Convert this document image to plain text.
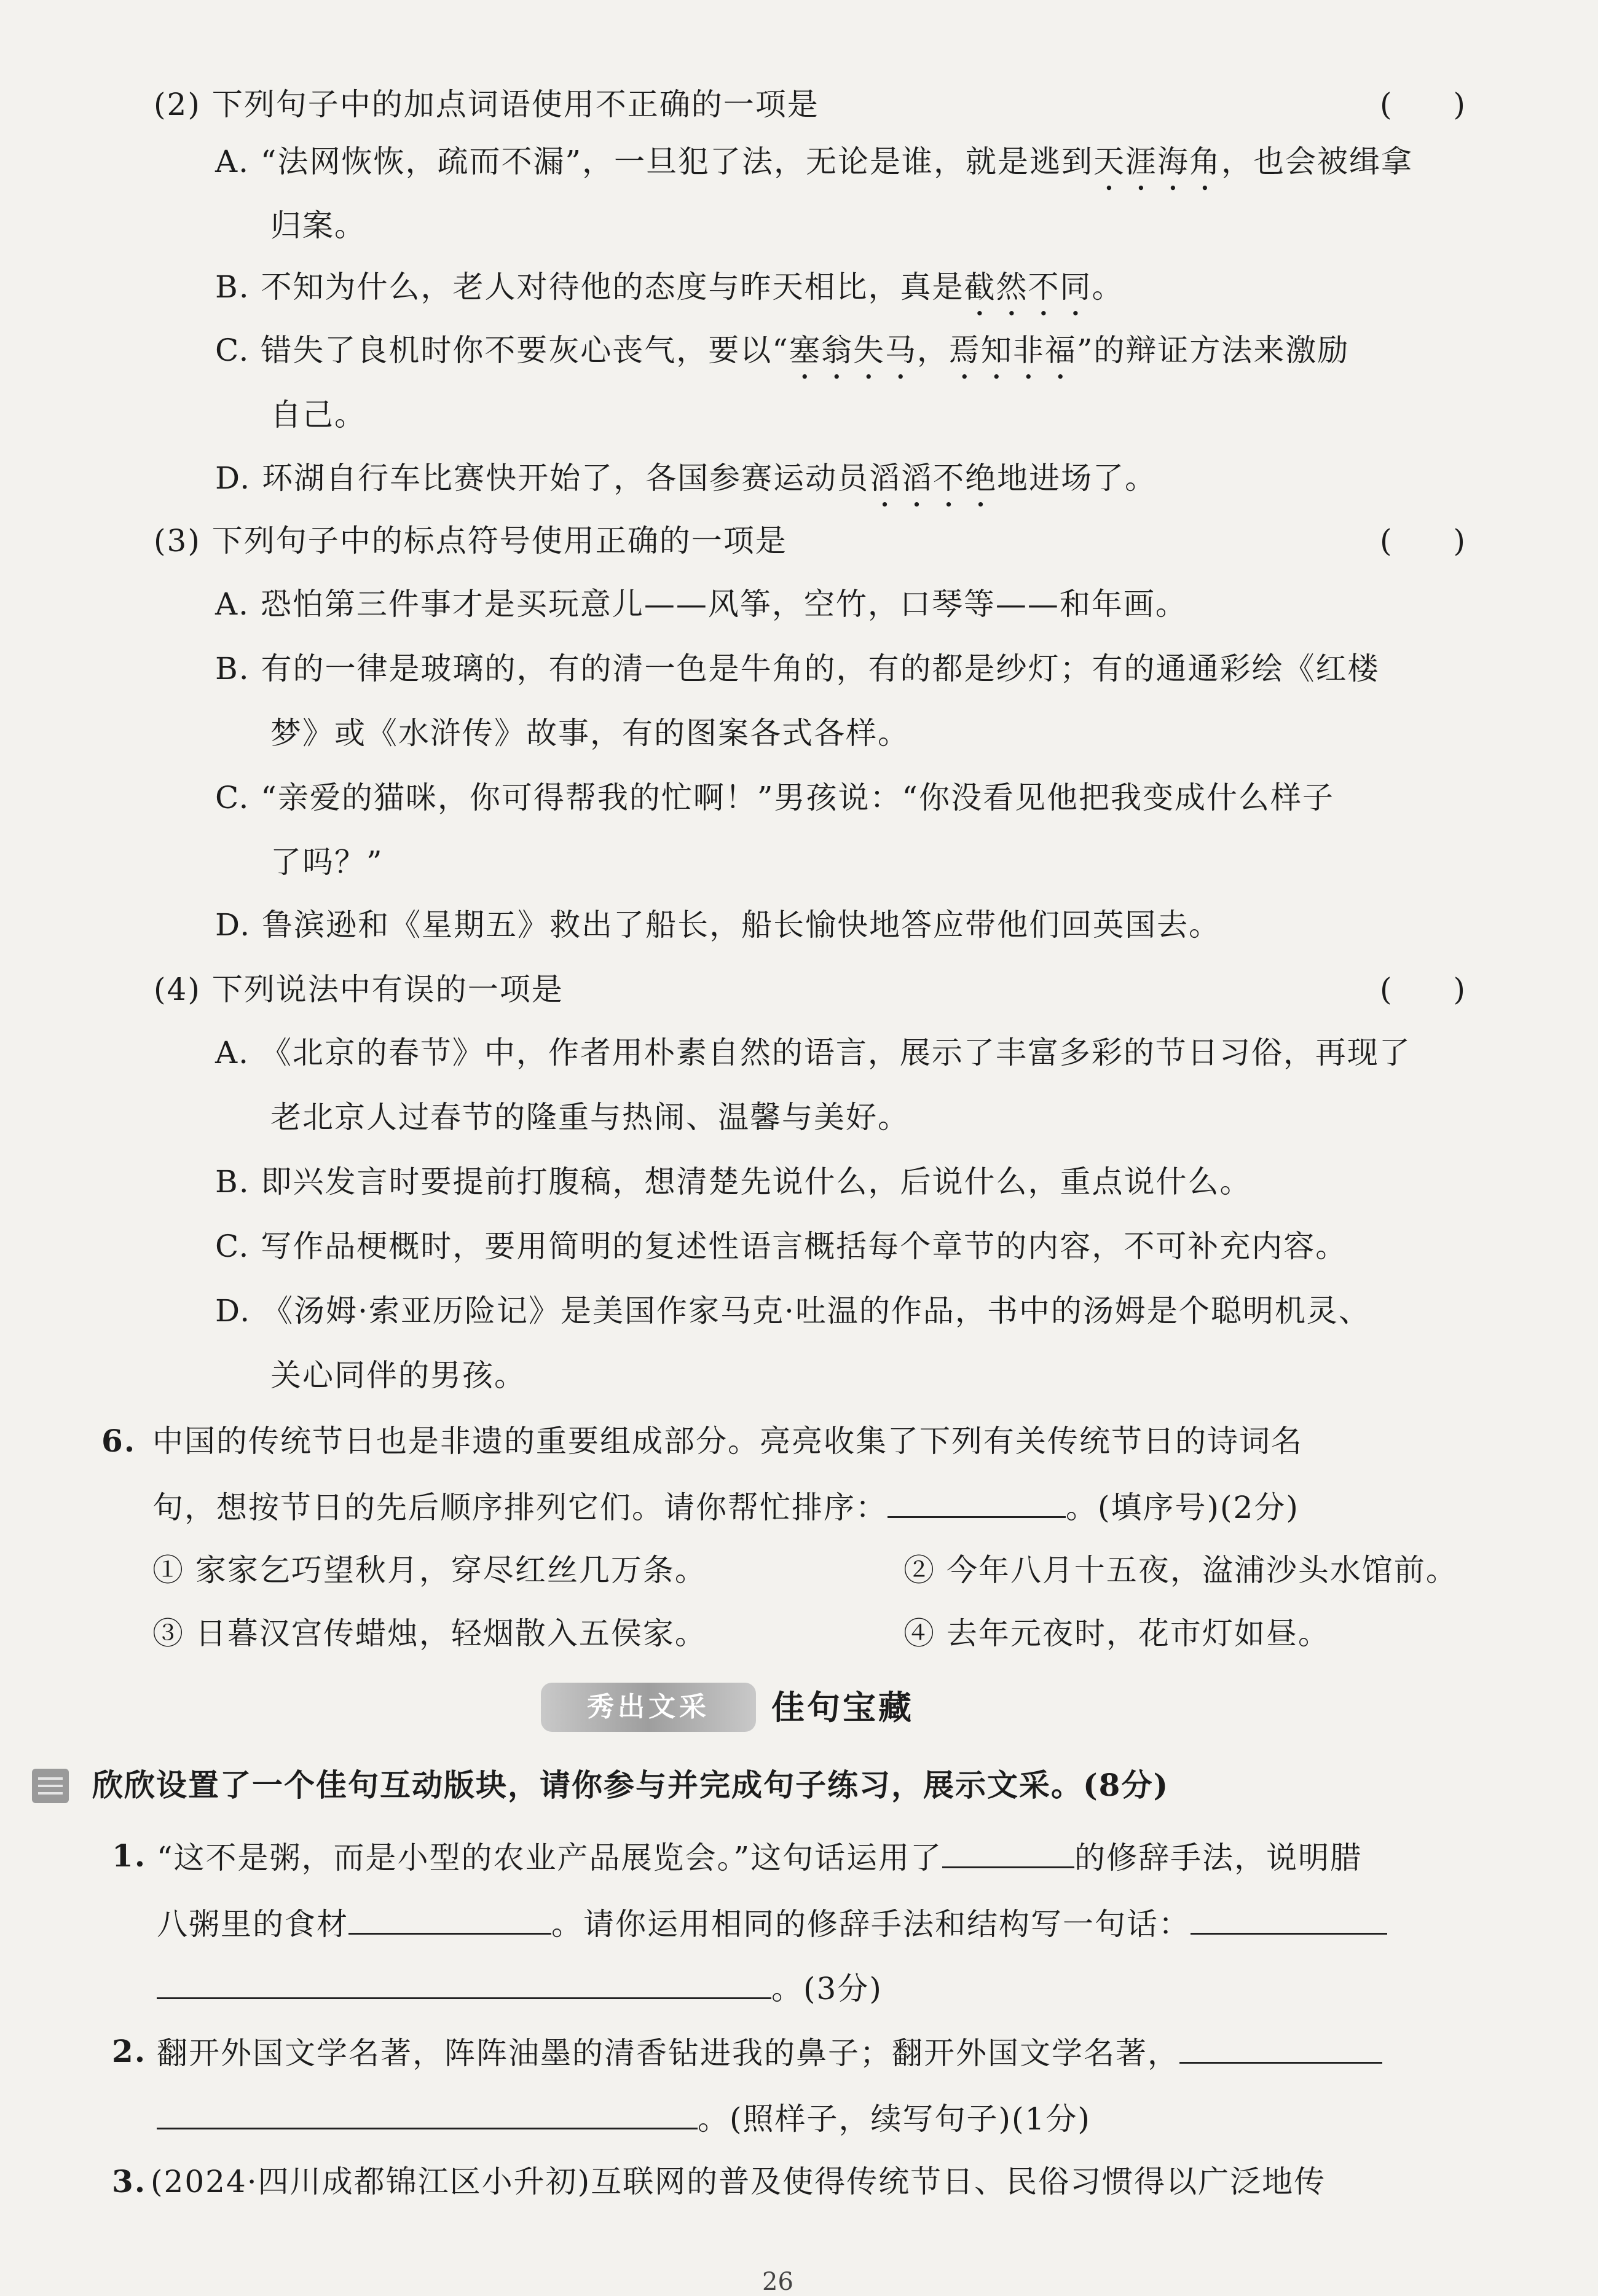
(2) 下列句子中的加点词语使用不正确的一项是	(　　)
A. “法网恢恢，疏而不漏”，一旦犯了法，无论是谁，就是逃到天涯海角，也会被缉拿
归案。
B. 不知为什么，老人对待他的态度与昨天相比，真是截然不同。
C. 错失了良机时你不要灰心丧气，要以“塞翁失马，焉知非福”的辩证方法来激励
自己。
D. 环湖自行车比赛快开始了，各国参赛运动员滔滔不绝地进场了。
(3) 下列句子中的标点符号使用正确的一项是	(　　)
A. 恐怕第三件事才是买玩意儿——风筝，空竹，口琴等——和年画。
B. 有的一律是玻璃的，有的清一色是牛角的，有的都是纱灯；有的通通彩绘《红楼
梦》或《水浒传》故事，有的图案各式各样。
C. “亲爱的猫咪，你可得帮我的忙啊！”男孩说：“你没看见他把我变成什么样子
了吗？”
D. 鲁滨逊和《星期五》救出了船长，船长愉快地答应带他们回英国去。
(4) 下列说法中有误的一项是	(　　)
A. 《北京的春节》中，作者用朴素自然的语言，展示了丰富多彩的节日习俗，再现了
老北京人过春节的隆重与热闹、温馨与美好。
B. 即兴发言时要提前打腹稿，想清楚先说什么，后说什么，重点说什么。
C. 写作品梗概时，要用简明的复述性语言概括每个章节的内容，不可补充内容。
D. 《汤姆·索亚历险记》是美国作家马克·吐温的作品，书中的汤姆是个聪明机灵、
关心同伴的男孩。
6. 中国的传统节日也是非遗的重要组成部分。亮亮收集了下列有关传统节日的诗词名
句，想按节日的先后顺序排列它们。请你帮忙排序：	。(填序号)(2分)
① 家家乞巧望秋月，穿尽红丝几万条。	② 今年八月十五夜，湓浦沙头水馆前。
③ 日暮汉宫传蜡烛，轻烟散入五侯家。	④ 去年元夜时，花市灯如昼。
秀出文采	佳句宝藏
欣欣设置了一个佳句互动版块，请你参与并完成句子练习，展示文采。(8分)
1. “这不是粥，而是小型的农业产品展览会。”这句话运用了	的修辞手法，说明腊
八粥里的食材	。请你运用相同的修辞手法和结构写一句话：
。(3分)
2. 翻开外国文学名著，阵阵油墨的清香钻进我的鼻子；翻开外国文学名著，
。(照样子，续写句子)(1分)
3. (2024·四川成都锦江区小升初)互联网的普及使得传统节日、民俗习惯得以广泛地传
26
